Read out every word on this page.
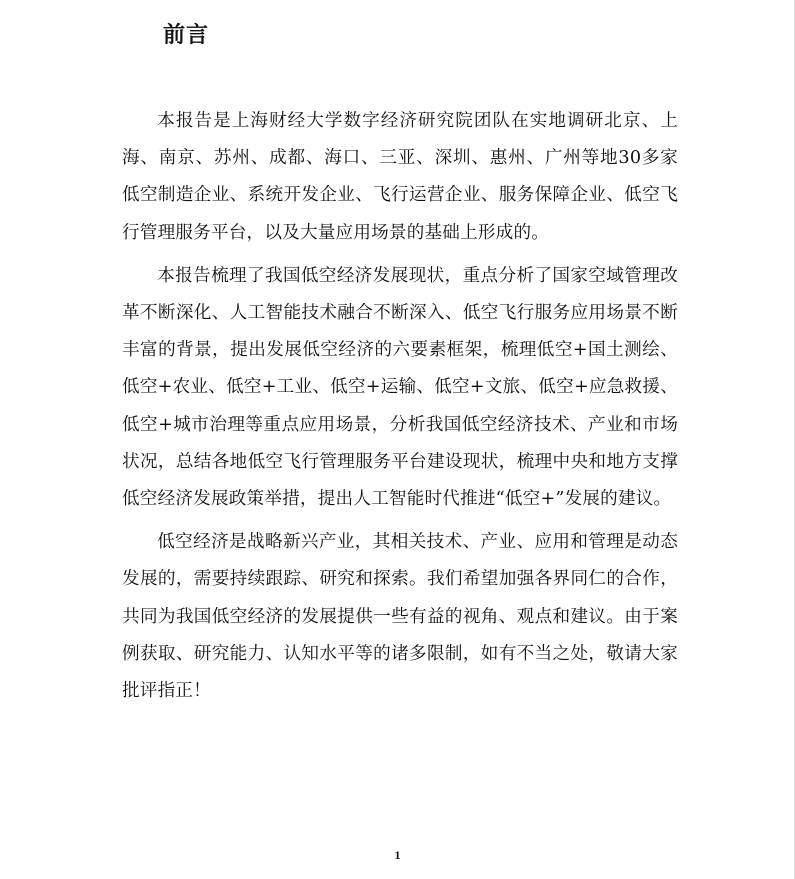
前言

本报告是上海财经大学数字经济研究院团队在实地调研北京、上海、南京、苏州、成都、海口、三亚、深圳、惠州、广州等地30多家低空制造企业、系统开发企业、飞行运营企业、服务保障企业、低空飞行管理服务平台，以及大量应用场景的基础上形成的。

本报告梳理了我国低空经济发展现状，重点分析了国家空域管理改革不断深化、人工智能技术融合不断深入、低空飞行服务应用场景不断丰富的背景，提出发展低空经济的六要素框架，梳理低空+国土测绘、低空+农业、低空+工业、低空+运输、低空+文旅、低空+应急救援、低空+城市治理等重点应用场景，分析我国低空经济技术、产业和市场状况，总结各地低空飞行管理服务平台建设现状，梳理中央和地方支撑低空经济发展政策举措，提出人工智能时代推进“低空+”发展的建议。

低空经济是战略新兴产业，其相关技术、产业、应用和管理是动态发展的，需要持续跟踪、研究和探索。我们希望加强各界同仁的合作，共同为我国低空经济的发展提供一些有益的视角、观点和建议。由于案例获取、研究能力、认知水平等的诸多限制，如有不当之处，敬请大家批评指正！

1
